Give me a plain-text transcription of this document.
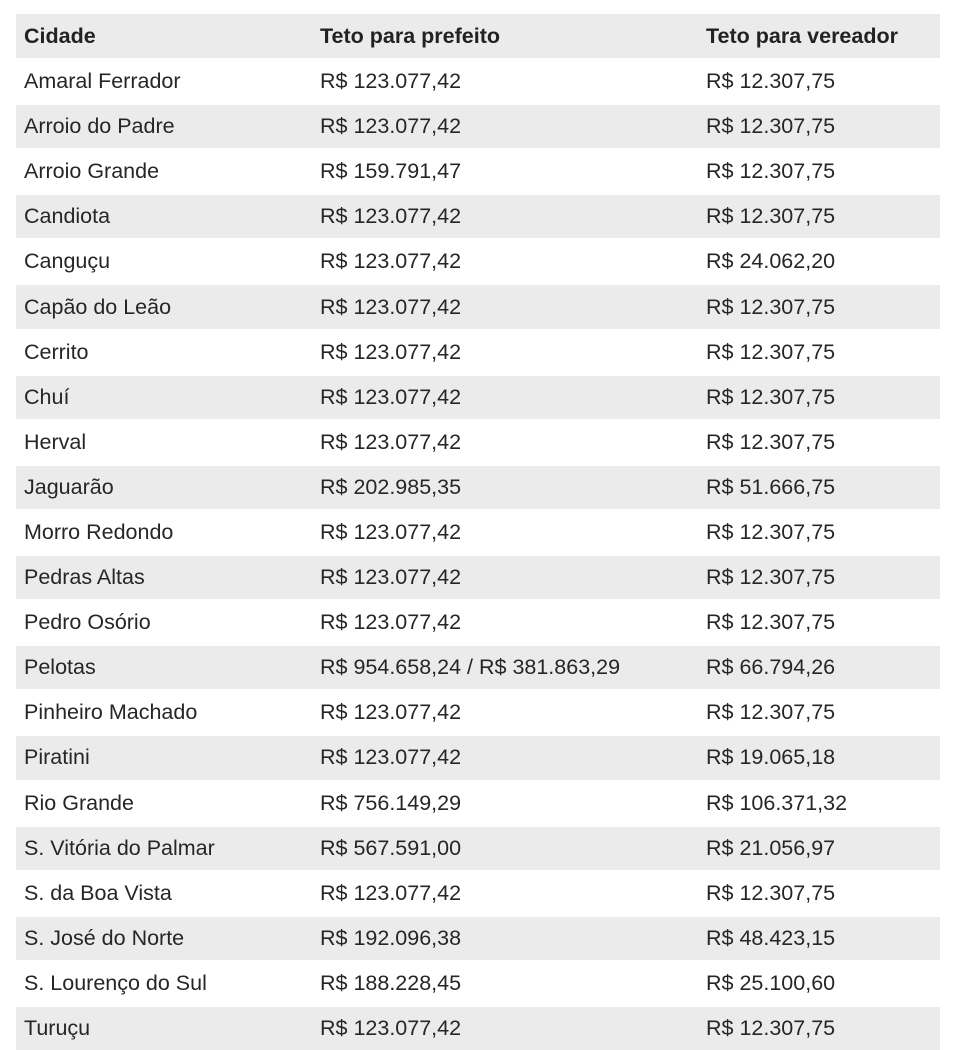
Cidade	Teto para prefeito	Teto para vereador
Amaral Ferrador	R$ 123.077,42	R$ 12.307,75
Arroio do Padre	R$ 123.077,42	R$ 12.307,75
Arroio Grande	R$ 159.791,47	R$ 12.307,75
Candiota	R$ 123.077,42	R$ 12.307,75
Canguçu	R$ 123.077,42	R$ 24.062,20
Capão do Leão	R$ 123.077,42	R$ 12.307,75
Cerrito	R$ 123.077,42	R$ 12.307,75
Chuí	R$ 123.077,42	R$ 12.307,75
Herval	R$ 123.077,42	R$ 12.307,75
Jaguarão	R$ 202.985,35	R$ 51.666,75
Morro Redondo	R$ 123.077,42	R$ 12.307,75
Pedras Altas	R$ 123.077,42	R$ 12.307,75
Pedro Osório	R$ 123.077,42	R$ 12.307,75
Pelotas	R$ 954.658,24 / R$ 381.863,29	R$ 66.794,26
Pinheiro Machado	R$ 123.077,42	R$ 12.307,75
Piratini	R$ 123.077,42	R$ 19.065,18
Rio Grande	R$ 756.149,29	R$ 106.371,32
S. Vitória do Palmar	R$ 567.591,00	R$ 21.056,97
S. da Boa Vista	R$ 123.077,42	R$ 12.307,75
S. José do Norte	R$ 192.096,38	R$ 48.423,15
S. Lourenço do Sul	R$ 188.228,45	R$ 25.100,60
Turuçu	R$ 123.077,42	R$ 12.307,75
